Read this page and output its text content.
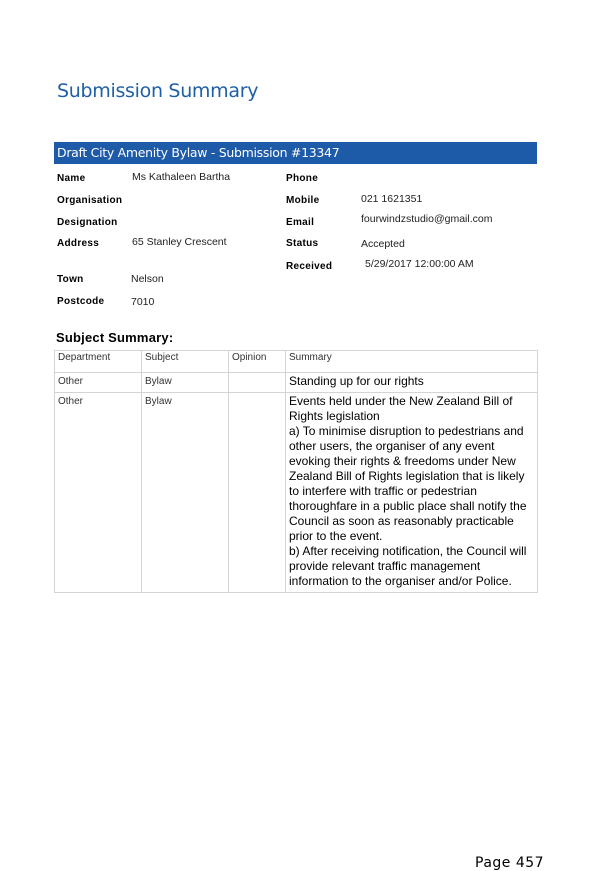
Submission Summary
Draft City Amenity Bylaw - Submission #13347
Name	Ms Kathaleen Bartha
Organisation
Designation
Address	65 Stanley Crescent
Town	Nelson
Postcode	7010
Phone
Mobile	021 1621351
Email	fourwindzstudio@gmail.com
Status	Accepted
Received	5/29/2017 12:00:00 AM
Subject Summary:
Department	Subject	Opinion	Summary
Other	Bylaw		Standing up for our rights
Other	Bylaw		Events held under the New Zealand Bill of Rights legislation
a) To minimise disruption to pedestrians and other users, the organiser of any event evoking their rights & freedoms under New Zealand Bill of Rights legislation that is likely to interfere with traffic or pedestrian thoroughfare in a public place shall notify the Council as soon as reasonably practicable prior to the event.
b) After receiving notification, the Council will provide relevant traffic management information to the organiser and/or Police.
Page 457
